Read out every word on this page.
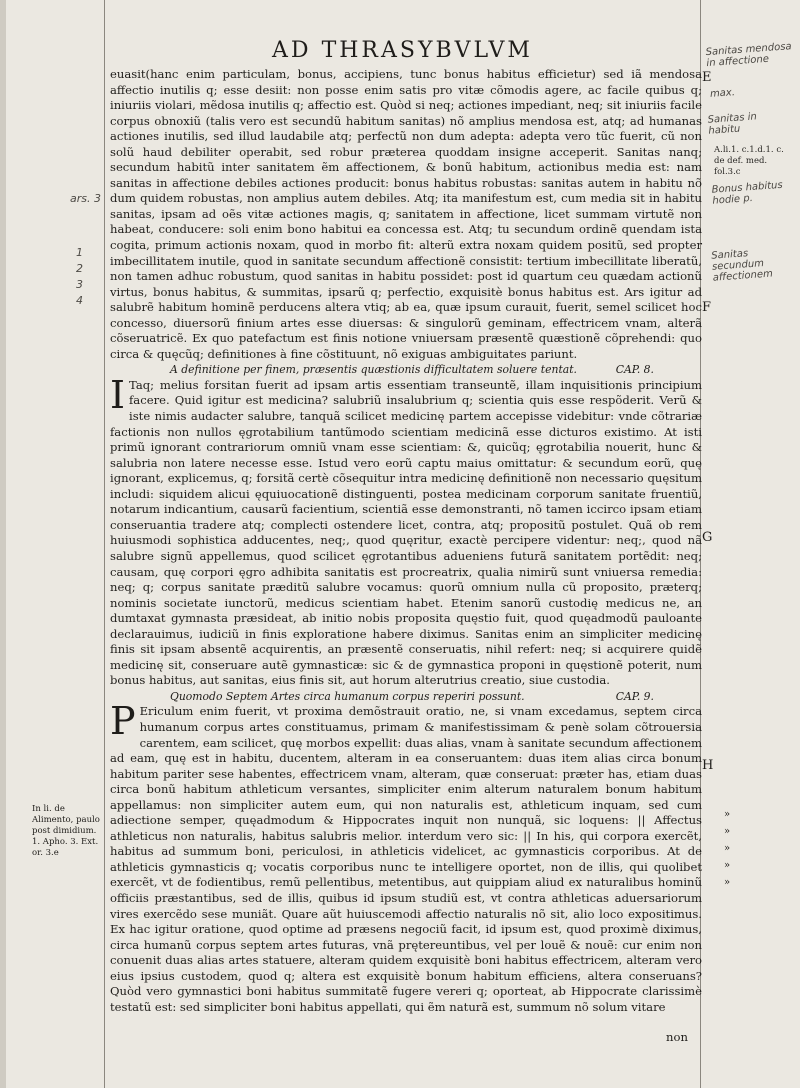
AD THRASYBVLVM

euasit(hanc enim particulam, bonus, accipiens, tunc bonus habitus efficietur) sed iã mendosa affectio inutilis q; esse desiit: non posse enim satis pro vitæ cõmodis agere, ac facile quibus q; iniuriis violari, mẽdosa inutilis q; affectio est. Quòd si neq; actiones impediant, neq; sit iniuriis facile corpus obnoxiũ (talis vero est secundũ habitum sanitas) nõ amplius mendosa est, atq; ad humanas actiones inutilis, sed illud laudabile atq; perfectũ non dum adepta: adepta vero tũc fuerit, cũ non solũ haud debiliter operabit, sed robur præterea quoddam insigne acceperit. Sanitas nanq; secundum habitũ inter sanitatem ẽm affectionem, & bonũ habitum, actionibus media est: nam sanitas in affectione debiles actiones producit: bonus habitus robustas: sanitas autem in habitu nõ dum quidem robustas, non amplius autem debiles. Atq; ita manifestum est, cum media sit in habitu sanitas, ipsam ad oẽs vitæ actiones magis, q; sanitatem in affectione, licet summam virtutẽ non habeat, conducere: soli enim bono habitui ea concessa est. Atq; tu secundum ordinẽ quendam ista cogita, primum actionis noxam, quod in morbo fit: alterũ extra noxam quidem positũ, sed propter imbecillitatem inutile, quod in sanitate secundum affectionẽ consistit: tertium imbecillitate liberatũ, non tamen adhuc robustum, quod sanitas in habitu possidet: post id quartum ceu quædam actionũ virtus, bonus habitus, & summitas, ipsarũ q; perfectio, exquisitè bonus habitus est. Ars igitur ad salubrẽ habitum hominẽ perducens altera vtiq; ab ea, quæ ipsum curauit, fuerit, semel scilicet hoc concesso, diuersorũ finium artes esse diuersas: & singulorũ geminam, effectricem vnam, alterã cõseruatricẽ. Ex quo patefactum est finis notione vniuersam præsentẽ quæstionẽ cõprehendi: quo circa & quęcũq; definitiones à fine cõstituunt, nõ exiguas ambiguitates pariunt.

A definitione per finem, præsentis quæstionis difficultatem soluere tentat.	CAP. 8.

I Taq; melius forsitan fuerit ad ipsam artis essentiam transeuntẽ, illam inquisitionis principium facere. Quid igitur est medicina? salubriũ insalubrium q; scientia quis esse respõderit. Verũ & iste nimis audacter salubre, tanquã scilicet medicinę partem accepisse videbitur: vnde cõtrariæ factionis non nullos ęgrotabilium tantũmodo scientiam medicinã esse dicturos existimo. At isti primũ ignorant contrariorum omniũ vnam esse scientiam: &, quicũq; ęgrotabilia nouerit, hunc & salubria non latere necesse esse. Istud vero eorũ captu maius omittatur: & secundum eorũ, quę ignorant, explicemus, q; forsitã certè cõsequitur intra medicinę definitionẽ non necessario quęsitum includi: siquidem alicui ęquiuocationẽ distinguenti, postea medicinam corporum sanitate fruentiũ, notarum indicantium, causarũ facientium, scientiã esse demonstranti, nõ tamen iccirco ipsam etiam conseruantia tradere atq; complecti ostendere licet, contra, atq; propositũ postulet. Quã ob rem huiusmodi sophistica adducentes, neq;, quod quęritur, exactè percipere videntur: neq;, quod nã salubre signũ appellemus, quod scilicet ęgrotantibus adueniens futurã sanitatem portẽdit: neq; causam, quę corpori ęgro adhibita sanitatis est procreatrix, qualia nimirũ sunt vniuersa remedia: neq; q; corpus sanitate præditũ salubre vocamus: quorũ omnium nulla cũ proposito, præterq; nominis societate iunctorũ, medicus scientiam habet. Etenim sanorũ custodię medicus ne, an dumtaxat gymnasta præsideat, ab initio nobis proposita quęstio fuit, quod quęadmodũ pauloante declarauimus, iudiciũ in finis exploratione habere diximus. Sanitas enim an simpliciter medicinę finis sit ipsam absentẽ acquirentis, an præsentẽ conseruatis, nihil refert: neq; si acquirere quidẽ medicinę sit, conseruare autẽ gymnasticæ: sic & de gymnastica proponi in quęstionẽ poterit, num bonus habitus, aut sanitas, eius finis sit, aut horum alterutrius creatio, siue custodia.

Quomodo Septem Artes circa humanum corpus reperiri possunt.	CAP. 9.

P Ericulum enim fuerit, vt proxima demõstrauit oratio, ne, si vnam excedamus, septem circa humanum corpus artes constituamus, primam & manifestissimam & penè solam cõtrouersia carentem, eam scilicet, quę morbos expellit: duas alias, vnam à sanitate secundum affectionem ad eam, quę est in habitu, ducentem, alteram in ea conseruantem: duas item alias circa bonum habitum pariter sese habentes, effectricem vnam, alteram, quæ conseruat: præter has, etiam duas circa bonũ habitum athleticum versantes, simpliciter enim alterum naturalem bonum habitum appellamus: non simpliciter autem eum, qui non naturalis est, athleticum inquam, sed cum adiectione semper, quęadmodum & Hippocrates inquit non nunquã, sic loquens: || Affectus athleticus non naturalis, habitus salubris melior. interdum vero sic: || In his, qui corpora exercẽt, habitus ad summum boni, periculosi, in athleticis videlicet, ac gymnasticis corporibus. At de athleticis gymnasticis q; vocatis corporibus nunc te intelligere oportet, non de illis, qui quolibet exercẽt, vt de fodientibus, remũ pellentibus, metentibus, aut quippiam aliud ex naturalibus hominũ officiis præstantibus, sed de illis, quibus id ipsum studiũ est, vt contra athleticas aduersariorum vires exercẽdo sese muniãt. Quare aũt huiuscemodi affectio naturalis nõ sit, alio loco expositimus. Ex hac igitur oratione, quod optime ad præsens negociũ facit, id ipsum est, quod proximè diximus, circa humanũ corpus septem artes futuras, vnã prętereuntibus, vel per louẽ & nouẽ: cur enim non conuenit duas alias artes statuere, alteram quidem exquisitè boni habitus effectricem, alteram vero eius ipsius custodem, quod q; altera est exquisitè bonum habitum efficiens, altera conseruans? Quòd vero gymnastici boni habitus summitatẽ fugere vereri q; oporteat, ab Hippocrate clarissimè testatũ est: sed simpliciter boni habitus appellati, qui ẽm naturã est, summum nõ solum vitare

non
Sanitas mendosa in affectione
max.
Sanitas in habitu
A.li.1. c.1.d.1. c. de def. med. fol.3.c
Bonus habitus hodie p.
Sanitas secundum affectionem
E
F
G
H
ars. 3
1
2
3
4
In li. de Alimento, paulo post dimidium. 1. Apho. 3. Ext. or. 3.e
»
»
»
»
»
